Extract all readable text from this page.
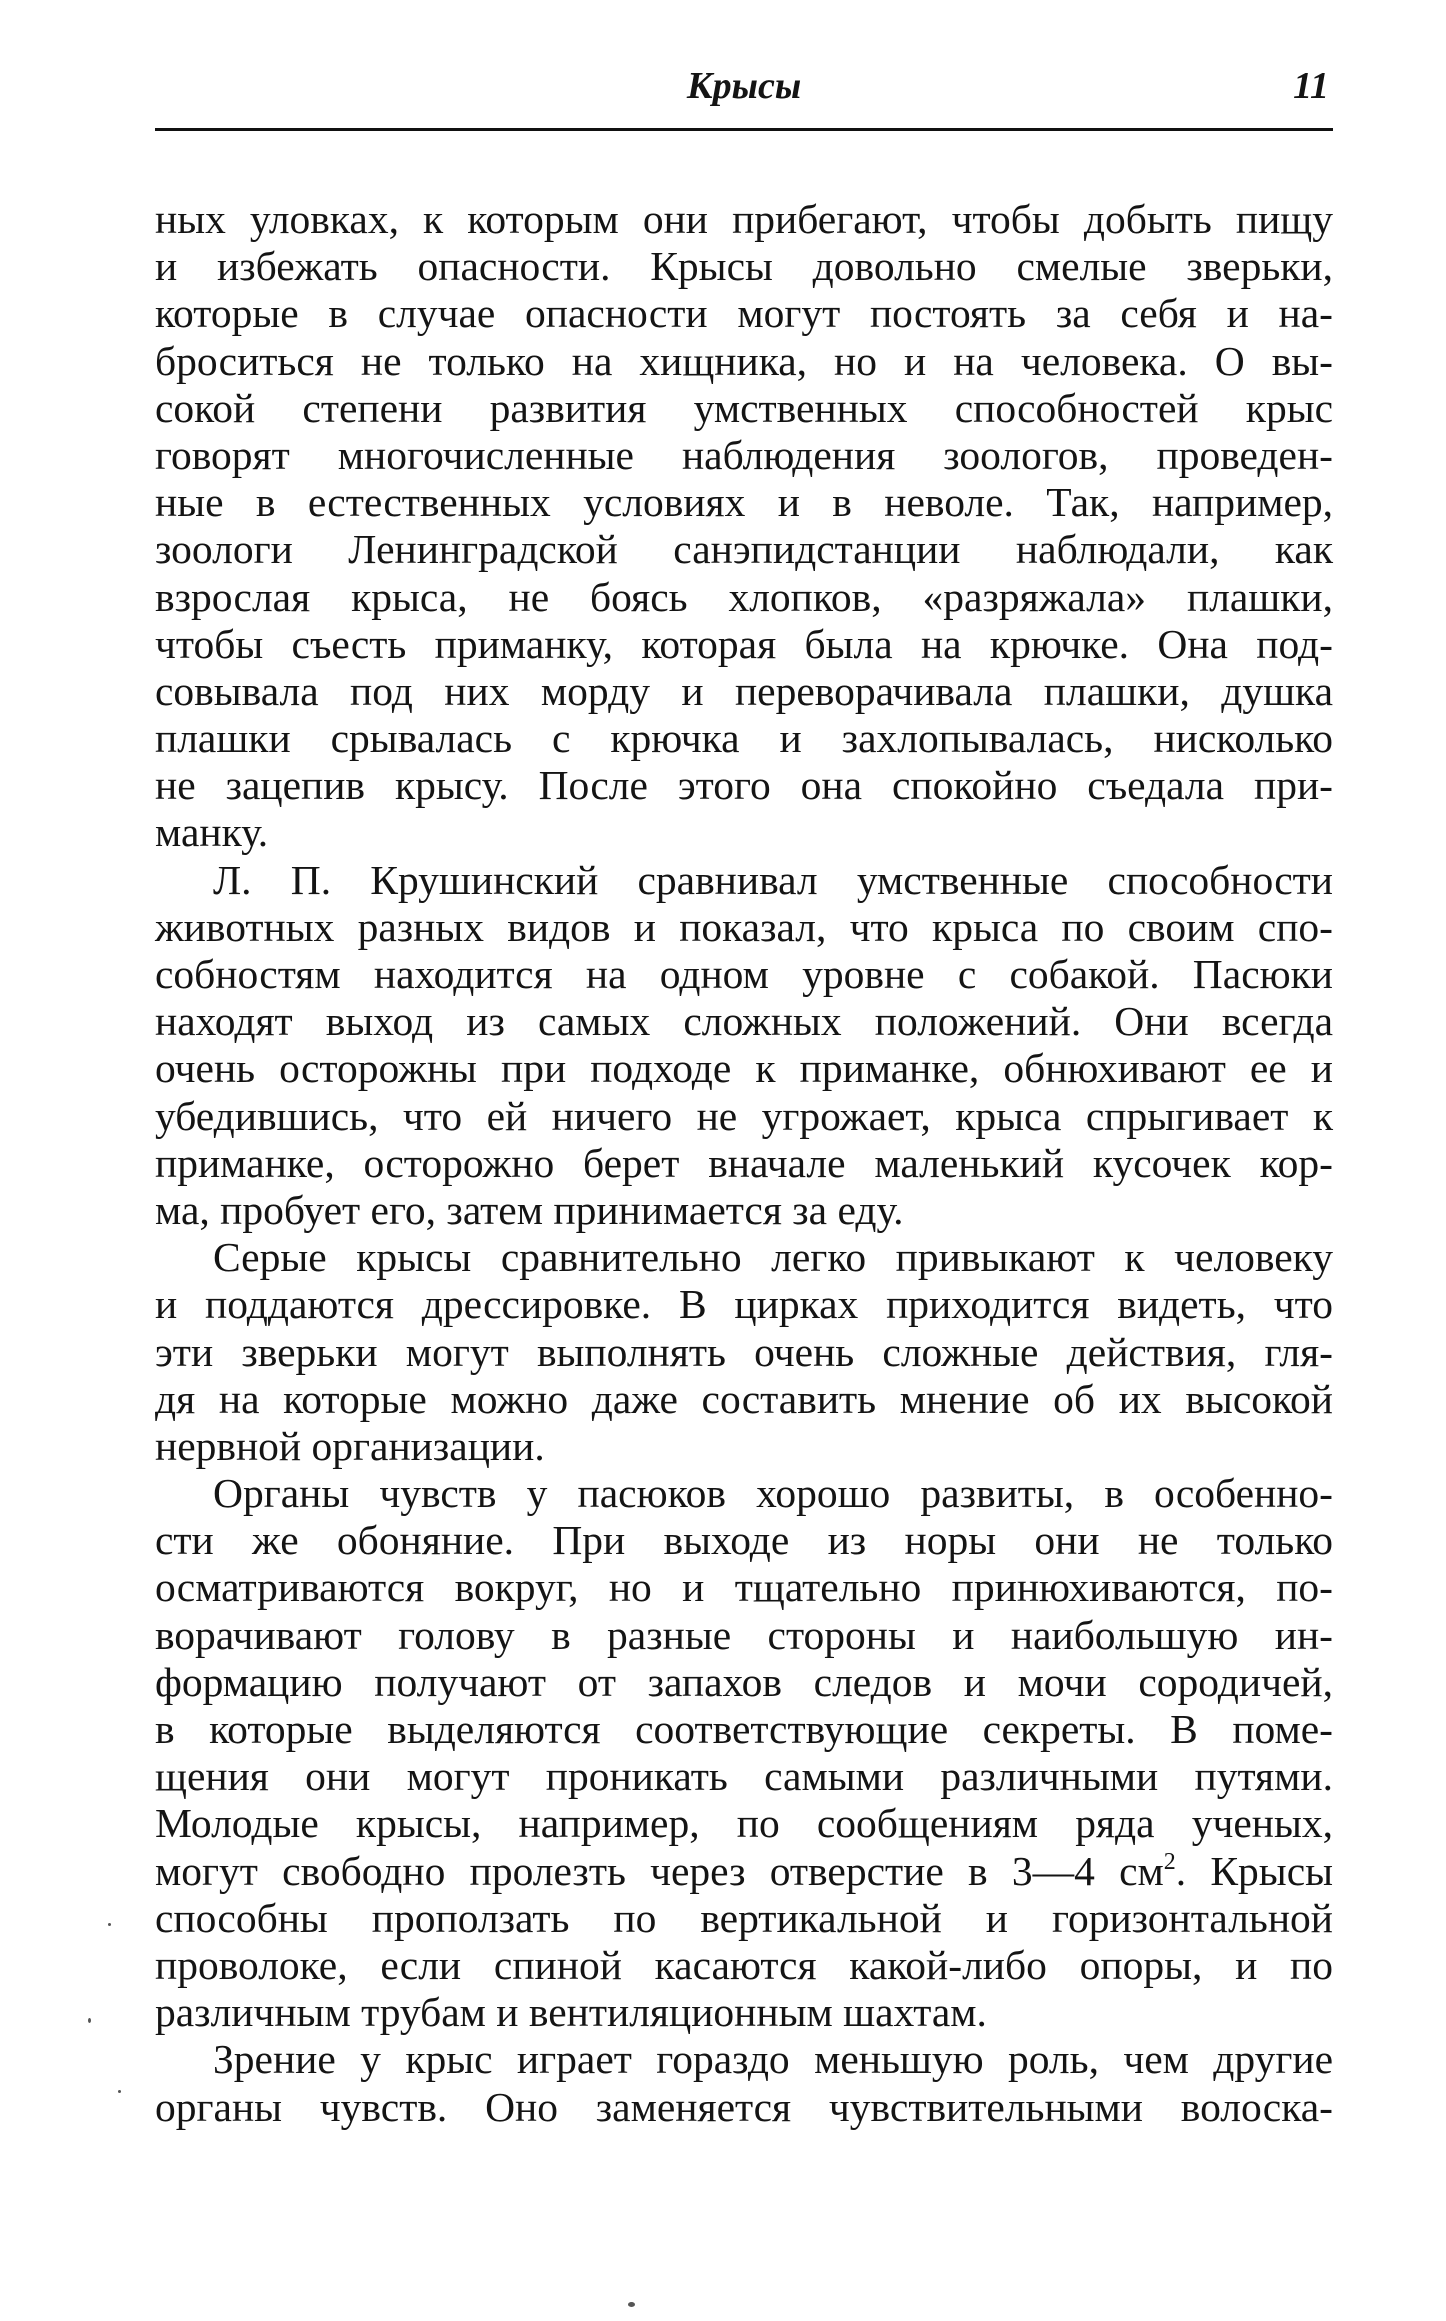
Крысы	11
ных уловках, к которым они прибегают, чтобы добыть пищу
и избежать опасности. Крысы довольно смелые зверьки,
которые в случае опасности могут постоять за себя и на-
броситься не только на хищника, но и на человека. О вы-
сокой степени развития умственных способностей крыс
говорят многочисленные наблюдения зоологов, проведен-
ные в естественных условиях и в неволе. Так, например,
зоологи Ленинградской санэпидстанции наблюдали, как
взрослая крыса, не боясь хлопков, «разряжала» плашки,
чтобы съесть приманку, которая была на крючке. Она под-
совывала под них морду и переворачивала плашки, душка
плашки срывалась с крючка и захлопывалась, нисколько
не зацепив крысу. После этого она спокойно съедала при-
манку.
Л. П. Крушинский сравнивал умственные способности
животных разных видов и показал, что крыса по своим спо-
собностям находится на одном уровне с собакой. Пасюки
находят выход из самых сложных положений. Они всегда
очень осторожны при подходе к приманке, обнюхивают ее и
убедившись, что ей ничего не угрожает, крыса спрыгивает к
приманке, осторожно берет вначале маленький кусочек кор-
ма, пробует его, затем принимается за еду.
Серые крысы сравнительно легко привыкают к человеку
и поддаются дрессировке. В цирках приходится видеть, что
эти зверьки могут выполнять очень сложные действия, гля-
дя на которые можно даже составить мнение об их высокой
нервной организации.
Органы чувств у пасюков хорошо развиты, в особенно-
сти же обоняние. При выходе из норы они не только
осматриваются вокруг, но и тщательно принюхиваются, по-
ворачивают голову в разные стороны и наибольшую ин-
формацию получают от запахов следов и мочи сородичей,
в которые выделяются соответствующие секреты. В поме-
щения они могут проникать самыми различными путями.
Молодые крысы, например, по сообщениям ряда ученых,
могут свободно пролезть через отверстие в 3—4 $см^2$. Крысы
способны проползать по вертикальной и горизонтальной
проволоке, если спиной касаются какой-либо опоры, и по
различным трубам и вентиляционным шахтам.
Зрение у крыс играет гораздо меньшую роль, чем другие
органы чувств. Оно заменяется чувствительными волоска-
